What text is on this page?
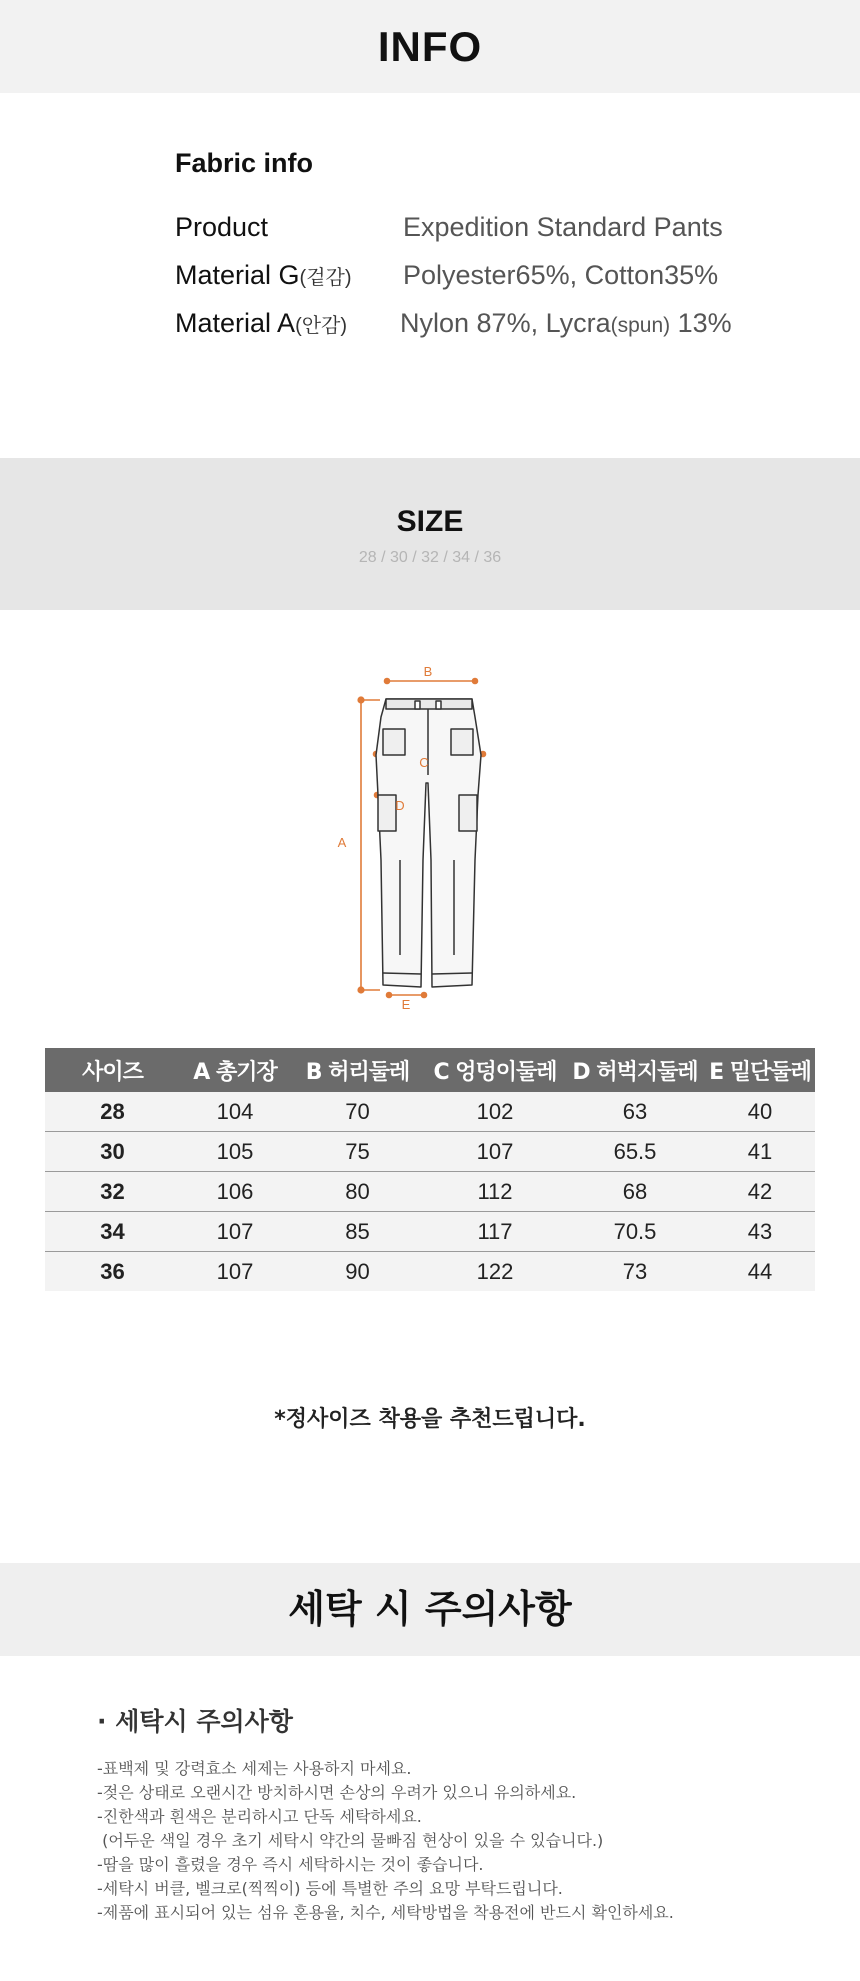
INFO
Fabric info
Product	Expedition Standard Pants
Material G(겉감) Polyester65%, Cotton35%
Material A(안감) Nylon 87%, Lycra(spun) 13%
SIZE
28 / 30 / 32 / 34 / 36
B
A
C
D
E
사이즈	A 총기장	B 허리둘레	C 엉덩이둘레	D 허벅지둘레	E 밑단둘레
28	104	70	102	63	40
30	105	75	107	65.5	41
32	106	80	112	68	42
34	107	85	117	70.5	43
36	107	90	122	73	44
*정사이즈 착용을 추천드립니다.
세탁 시 주의사항
· 세탁시 주의사항
-표백제 및 강력효소 세제는 사용하지 마세요.
-젖은 상태로 오랜시간 방치하시면 손상의 우려가 있으니 유의하세요.
-진한색과 흰색은 분리하시고 단독 세탁하세요.
(어두운 색일 경우 초기 세탁시 약간의 물빠짐 현상이 있을 수 있습니다.)
-땀을 많이 흘렸을 경우 즉시 세탁하시는 것이 좋습니다.
-세탁시 버클, 벨크로(찍찍이) 등에 특별한 주의 요망 부탁드립니다.
-제품에 표시되어 있는 섬유 혼용율, 치수, 세탁방법을 착용전에 반드시 확인하세요.
